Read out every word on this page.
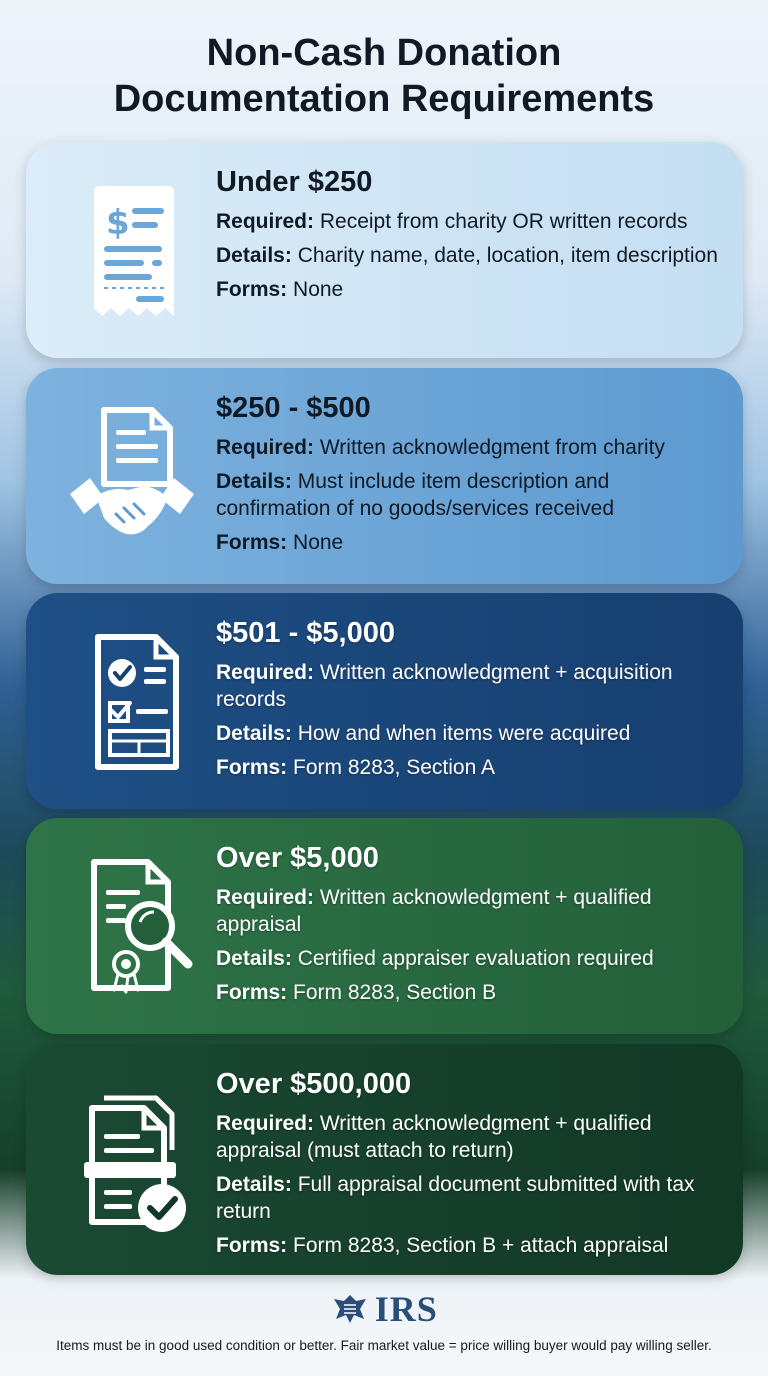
Non-Cash Donation
Documentation Requirements
$
Under $250

Required: Receipt from charity OR written records

Details: Charity name, date, location, item description

Forms: None

$250 - $500

Required: Written acknowledgment from charity

Details: Must include item description and confirmation of no goods/services received

Forms: None

$501 - $5,000

Required: Written acknowledgment + acquisition records

Details: How and when items were acquired

Forms: Form 8283, Section A

Over $5,000

Required: Written acknowledgment + qualified appraisal

Details: Certified appraiser evaluation required

Forms: Form 8283, Section B

Over $500,000

Required: Written acknowledgment + qualified appraisal (must attach to return)

Details: Full appraisal document submitted with tax return

Forms: Form 8283, Section B + attach appraisal

IRS
Items must be in good used condition or better. Fair market value = price willing buyer would pay willing seller.
